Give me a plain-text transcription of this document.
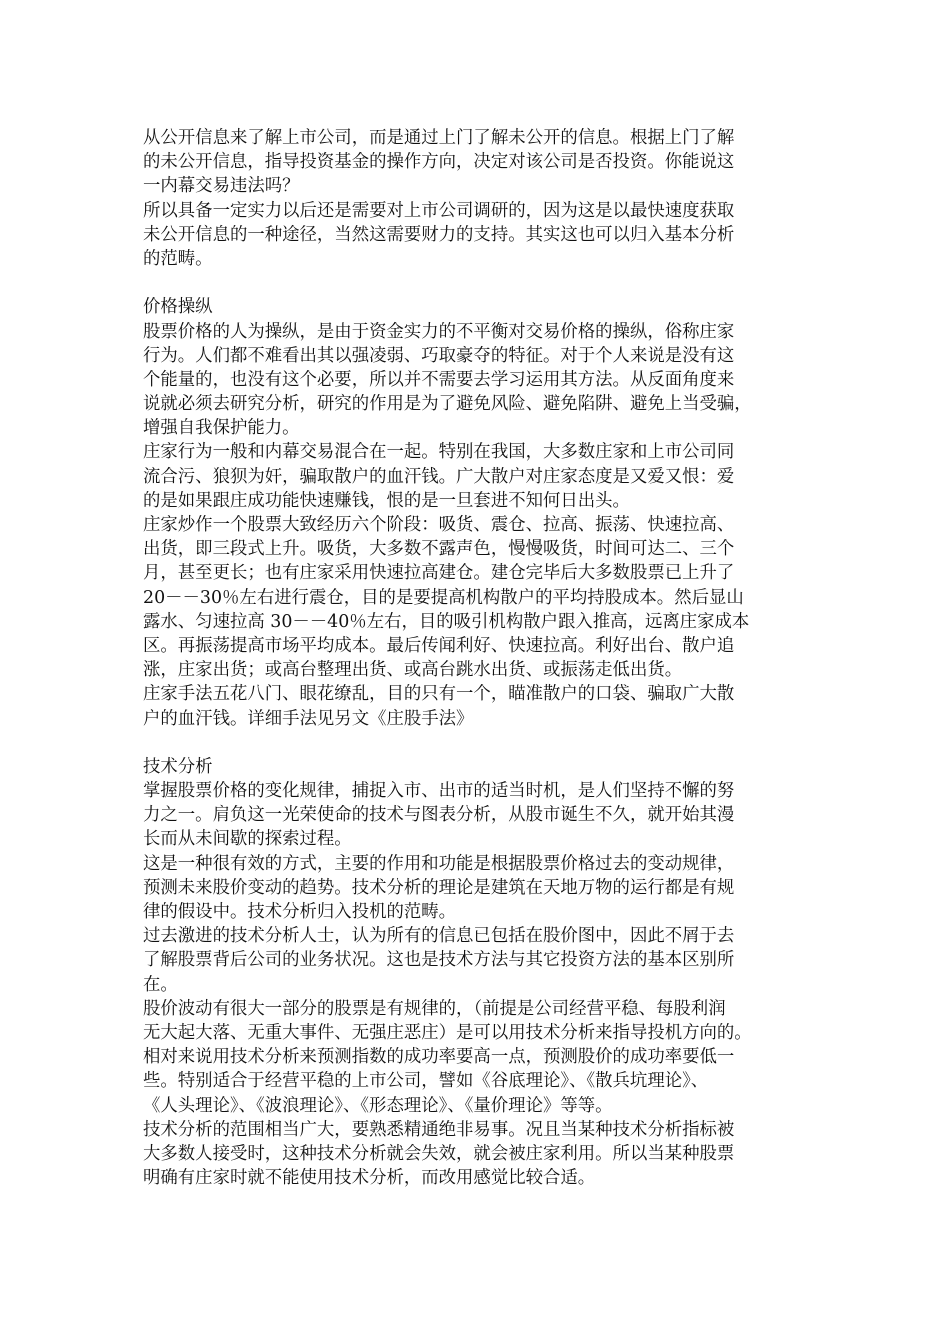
从公开信息来了解上市公司，而是通过上门了解未公开的信息。根据上门了解
的未公开信息，指导投资基金的操作方向，决定对该公司是否投资。你能说这
一内幕交易违法吗？
所以具备一定实力以后还是需要对上市公司调研的，因为这是以最快速度获取
未公开信息的一种途径，当然这需要财力的支持。其实这也可以归入基本分析
的范畴。
价格操纵
股票价格的人为操纵，是由于资金实力的不平衡对交易价格的操纵，俗称庄家
行为。人们都不难看出其以强凌弱、巧取豪夺的特征。对于个人来说是没有这
个能量的，也没有这个必要，所以并不需要去学习运用其方法。从反面角度来
说就必须去研究分析，研究的作用是为了避免风险、避免陷阱、避免上当受骗，
增强自我保护能力。
庄家行为一般和内幕交易混合在一起。特别在我国，大多数庄家和上市公司同
流合污、狼狈为奸，骗取散户的血汗钱。广大散户对庄家态度是又爱又恨：爱
的是如果跟庄成功能快速赚钱，恨的是一旦套进不知何日出头。
庄家炒作一个股票大致经历六个阶段：吸货、震仓、拉高、振荡、快速拉高、
出货，即三段式上升。吸货，大多数不露声色，慢慢吸货，时间可达二、三个
月，甚至更长；也有庄家采用快速拉高建仓。建仓完毕后大多数股票已上升了
20－－30％左右进行震仓，目的是要提高机构散户的平均持股成本。然后显山
露水、匀速拉高 30－－40％左右，目的吸引机构散户跟入推高，远离庄家成本
区。再振荡提高市场平均成本。最后传闻利好、快速拉高。利好出台、散户追
涨，庄家出货；或高台整理出货、或高台跳水出货、或振荡走低出货。
庄家手法五花八门、眼花缭乱，目的只有一个，瞄准散户的口袋、骗取广大散
户的血汗钱。详细手法见另文《庄股手法》
技术分析
掌握股票价格的变化规律，捕捉入市、出市的适当时机，是人们坚持不懈的努
力之一。肩负这一光荣使命的技术与图表分析，从股市诞生不久，就开始其漫
长而从未间歇的探索过程。
这是一种很有效的方式，主要的作用和功能是根据股票价格过去的变动规律，
预测未来股价变动的趋势。技术分析的理论是建筑在天地万物的运行都是有规
律的假设中。技术分析归入投机的范畴。
过去激进的技术分析人士，认为所有的信息已包括在股价图中，因此不屑于去
了解股票背后公司的业务状况。这也是技术方法与其它投资方法的基本区别所
在。
股价波动有很大一部分的股票是有规律的，（前提是公司经营平稳、每股利润
无大起大落、无重大事件、无强庄恶庄）是可以用技术分析来指导投机方向的。
相对来说用技术分析来预测指数的成功率要高一点，预测股价的成功率要低一
些。特别适合于经营平稳的上市公司，譬如《谷底理论》、《散兵坑理论》、
《人头理论》、《波浪理论》、《形态理论》、《量价理论》等等。
技术分析的范围相当广大，要熟悉精通绝非易事。况且当某种技术分析指标被
大多数人接受时，这种技术分析就会失效，就会被庄家利用。所以当某种股票
明确有庄家时就不能使用技术分析，而改用感觉比较合适。
